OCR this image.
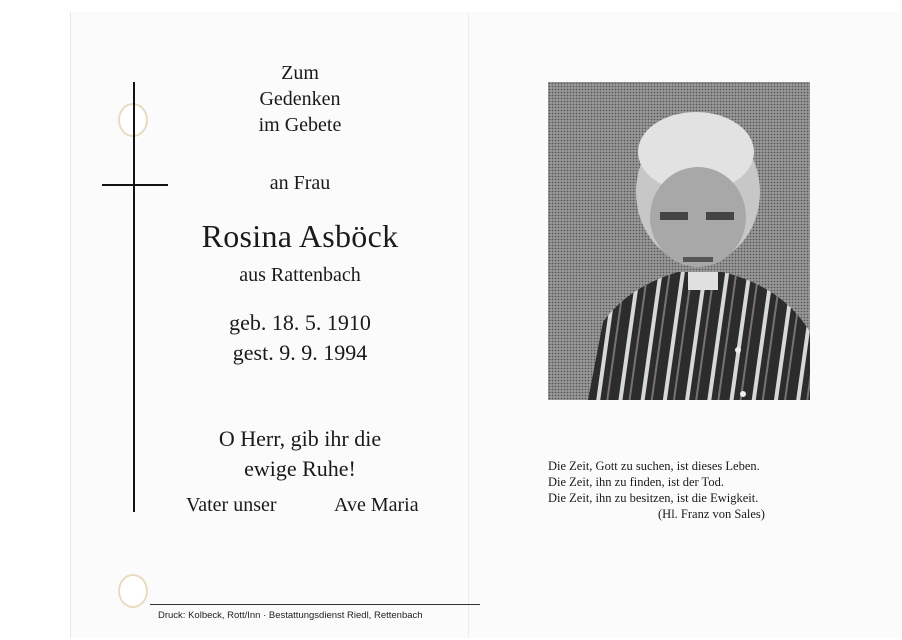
Zum
Gedenken
im Gebete
an Frau
Rosina Asböck
aus Rattenbach
geb. 18. 5. 1910
gest. 9. 9. 1994
O Herr, gib ihr die
ewige Ruhe!
Vater unser	Ave Maria
Druck: Kolbeck, Rott/Inn · Bestattungsdienst Riedl, Rettenbach
Die Zeit, Gott zu suchen, ist dieses Leben.
Die Zeit, ihn zu finden, ist der Tod.
Die Zeit, ihn zu besitzen, ist die Ewigkeit.
(Hl. Franz von Sales)
